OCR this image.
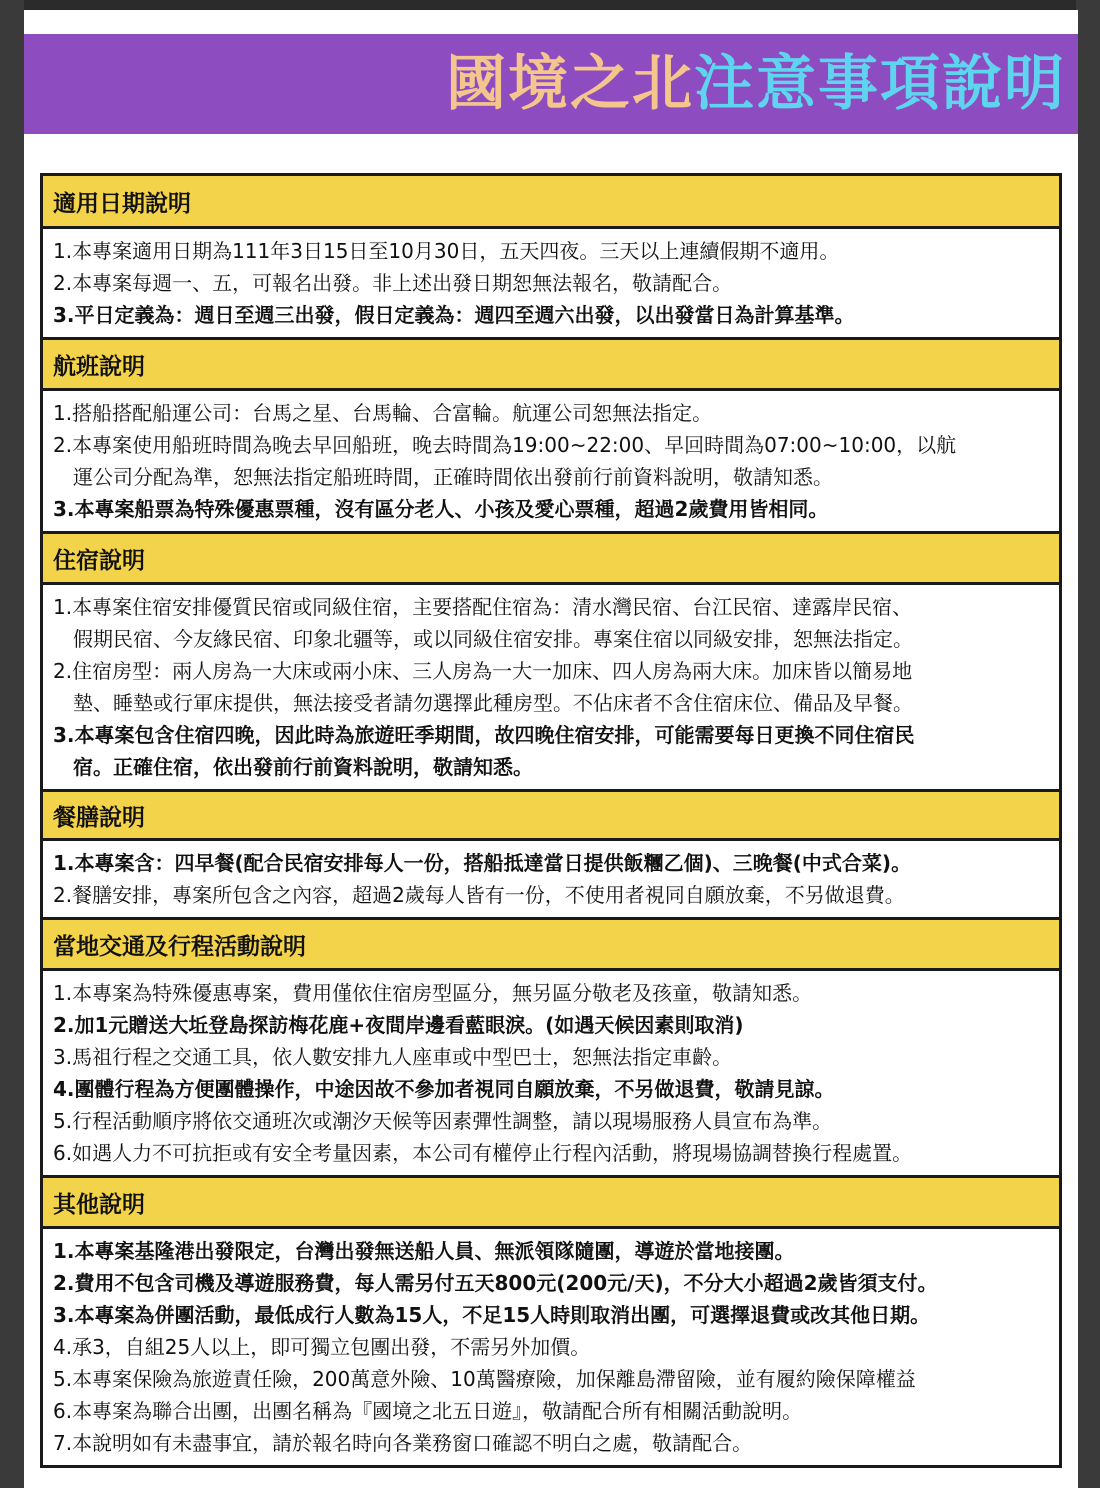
國境之北注意事項說明
適用日期說明
1.本專案適用日期為111年3日15日至10月30日，五天四夜。三天以上連續假期不適用。
2.本專案每週一、五，可報名出發。非上述出發日期恕無法報名，敬請配合。
3.平日定義為：週日至週三出發，假日定義為：週四至週六出發，以出發當日為計算基準。
航班說明
1.搭船搭配船運公司：台馬之星、台馬輪、合富輪。航運公司恕無法指定。
2.本專案使用船班時間為晚去早回船班，晚去時間為19:00~22:00、早回時間為07:00~10:00，以航
運公司分配為準，恕無法指定船班時間，正確時間依出發前行前資料說明，敬請知悉。
3.本專案船票為特殊優惠票種，沒有區分老人、小孩及愛心票種，超過2歲費用皆相同。
住宿說明
1.本專案住宿安排優質民宿或同級住宿，主要搭配住宿為：清水灣民宿、台江民宿、達露岸民宿、
假期民宿、今友緣民宿、印象北疆等，或以同級住宿安排。專案住宿以同級安排，恕無法指定。
2.住宿房型：兩人房為一大床或兩小床、三人房為一大一加床、四人房為兩大床。加床皆以簡易地
墊、睡墊或行軍床提供，無法接受者請勿選擇此種房型。不佔床者不含住宿床位、備品及早餐。
3.本專案包含住宿四晚，因此時為旅遊旺季期間，故四晚住宿安排，可能需要每日更換不同住宿民
宿。正確住宿，依出發前行前資料說明，敬請知悉。
餐膳說明
1.本專案含：四早餐(配合民宿安排每人一份，搭船抵達當日提供飯糰乙個)、三晚餐(中式合菜)。
2.餐膳安排，專案所包含之內容，超過2歲每人皆有一份，不使用者視同自願放棄，不另做退費。
當地交通及行程活動說明
1.本專案為特殊優惠專案，費用僅依住宿房型區分，無另區分敬老及孩童，敬請知悉。
2.加1元贈送大坵登島探訪梅花鹿+夜間岸邊看藍眼淚。(如遇天候因素則取消)
3.馬祖行程之交通工具，依人數安排九人座車或中型巴士，恕無法指定車齡。
4.團體行程為方便團體操作，中途因故不參加者視同自願放棄，不另做退費，敬請見諒。
5.行程活動順序將依交通班次或潮汐天候等因素彈性調整，請以現場服務人員宣布為準。
6.如遇人力不可抗拒或有安全考量因素，本公司有權停止行程內活動，將現場協調替換行程處置。
其他說明
1.本專案基隆港出發限定，台灣出發無送船人員、無派領隊隨團，導遊於當地接團。
2.費用不包含司機及導遊服務費，每人需另付五天800元(200元/天)，不分大小超過2歲皆須支付。
3.本專案為併團活動，最低成行人數為15人，不足15人時則取消出團，可選擇退費或改其他日期。
4.承3，自組25人以上，即可獨立包團出發，不需另外加價。
5.本專案保險為旅遊責任險，200萬意外險、10萬醫療險，加保離島滯留險，並有履約險保障權益
6.本專案為聯合出團，出團名稱為『國境之北五日遊』，敬請配合所有相關活動說明。
7.本說明如有未盡事宜，請於報名時向各業務窗口確認不明白之處，敬請配合。
